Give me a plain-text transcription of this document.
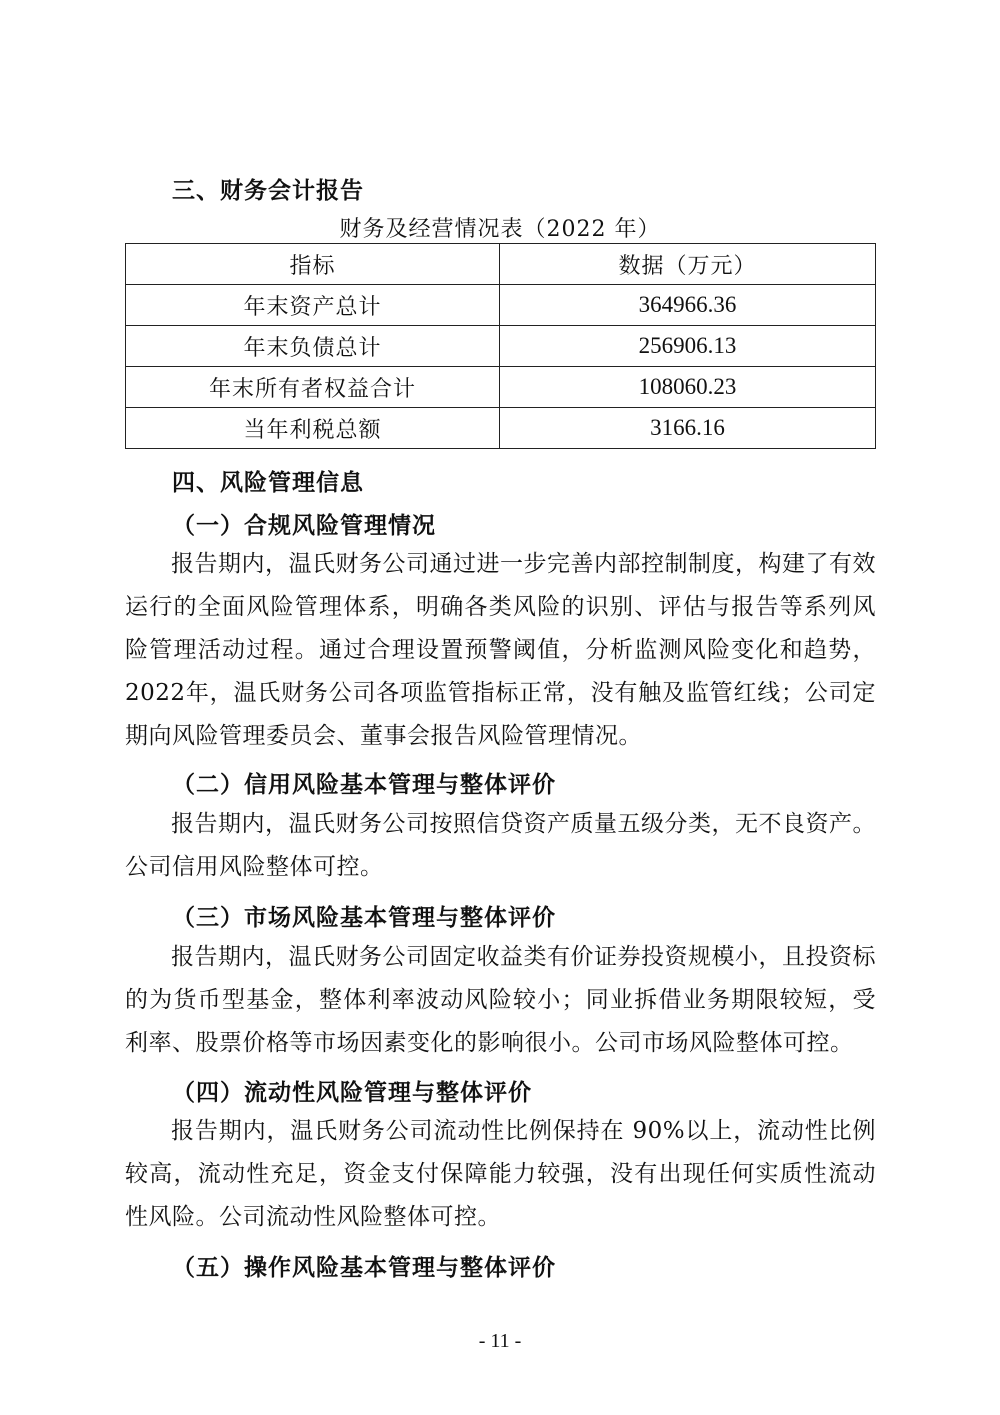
三、财务会计报告
财务及经营情况表（2022 年）
指标	数据（万元）
年末资产总计	364966.36
年末负债总计	256906.13
年末所有者权益合计	108060.23
当年利税总额	3166.16
四、风险管理信息
（一）合规风险管理情况

报告期内，温氏财务公司通过进一步完善内部控制制度，构建了有效运行的全面风险管理体系，明确各类风险的识别、评估与报告等系列风险管理活动过程。通过合理设置预警阈值，分析监测风险变化和趋势，2022年，温氏财务公司各项监管指标正常，没有触及监管红线；公司定期向风险管理委员会、董事会报告风险管理情况。

（二）信用风险基本管理与整体评价

报告期内，温氏财务公司按照信贷资产质量五级分类，无不良资产。公司信用风险整体可控。

（三）市场风险基本管理与整体评价

报告期内，温氏财务公司固定收益类有价证券投资规模小，且投资标的为货币型基金，整体利率波动风险较小；同业拆借业务期限较短，受利率、股票价格等市场因素变化的影响很小。公司市场风险整体可控。

（四）流动性风险管理与整体评价

报告期内，温氏财务公司流动性比例保持在 90%以上，流动性比例较高，流动性充足，资金支付保障能力较强，没有出现任何实质性流动性风险。公司流动性风险整体可控。

（五）操作风险基本管理与整体评价
- 11 -
